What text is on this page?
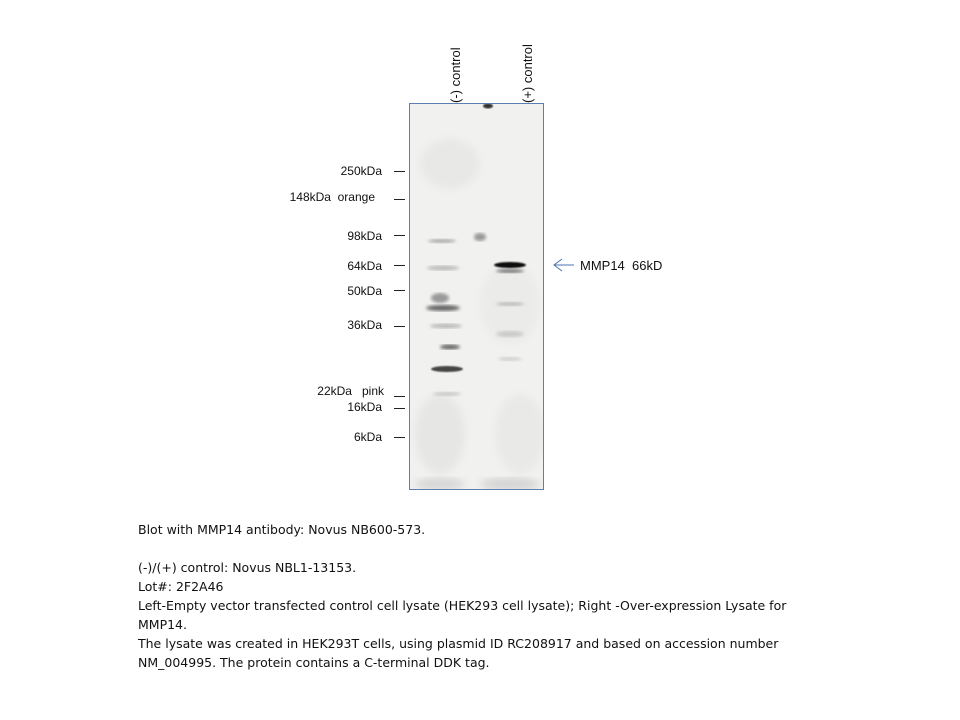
(-) control	(+) control
250kDa
148kDa  orange
98kDa
64kDa
50kDa
36kDa
22kDa   pink
16kDa
6kDa
MMP14  66kD

Blot with MMP14 antibody: Novus NB600-573.

(-)/(+) control: Novus NBL1-13153.

Lot#: 2F2A46

Left-Empty vector transfected control cell lysate (HEK293 cell lysate); Right -Over-expression Lysate for MMP14.

The lysate was created in HEK293T cells, using plasmid ID RC208917 and based on accession number NM_004995. The protein contains a C-terminal DDK tag.
